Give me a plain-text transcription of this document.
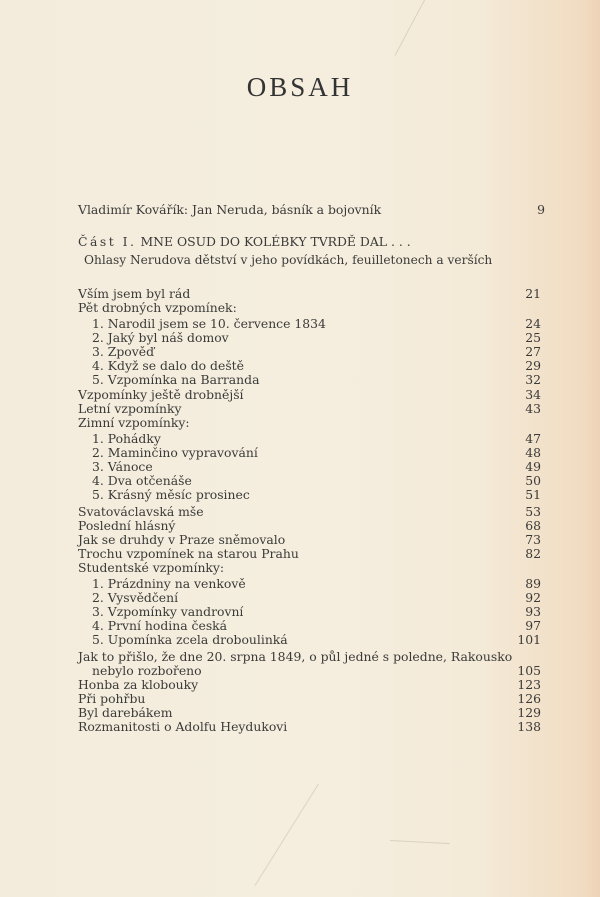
OBSAH
Vladimír Kovářík: Jan Neruda, básník a bojovník	9
Část I. MNE OSUD DO KOLÉBKY TVRDĚ DAL . . .
Ohlasy Nerudova dětství v jeho povídkách, feuilletonech a verších
Vším jsem byl rád	21
Pět drobných vzpomínek:
1. Narodil jsem se 10. července 1834	24
2. Jaký byl náš domov	25
3. Zpověď	27
4. Když se dalo do deště	29
5. Vzpomínka na Barranda	32
Vzpomínky ještě drobnější	34
Letní vzpomínky	43
Zimní vzpomínky:
1. Pohádky	47
2. Maminčino vypravování	48
3. Vánoce	49
4. Dva otčenáše	50
5. Krásný měsíc prosinec	51
Svatováclavská mše	53
Poslední hlásný	68
Jak se druhdy v Praze sněmovalo	73
Trochu vzpomínek na starou Prahu	82
Studentské vzpomínky:
1. Prázdniny na venkově	89
2. Vysvědčení	92
3. Vzpomínky vandrovní	93
4. První hodina česká	97
5. Upomínka zcela droboulinká	101
Jak to přišlo, že dne 20. srpna 1849, o půl jedné s poledne, Rakousko
nebylo rozbořeno	105
Honba za klobouky	123
Při pohřbu	126
Byl darebákem	129
Rozmanitosti o Adolfu Heydukovi	138
